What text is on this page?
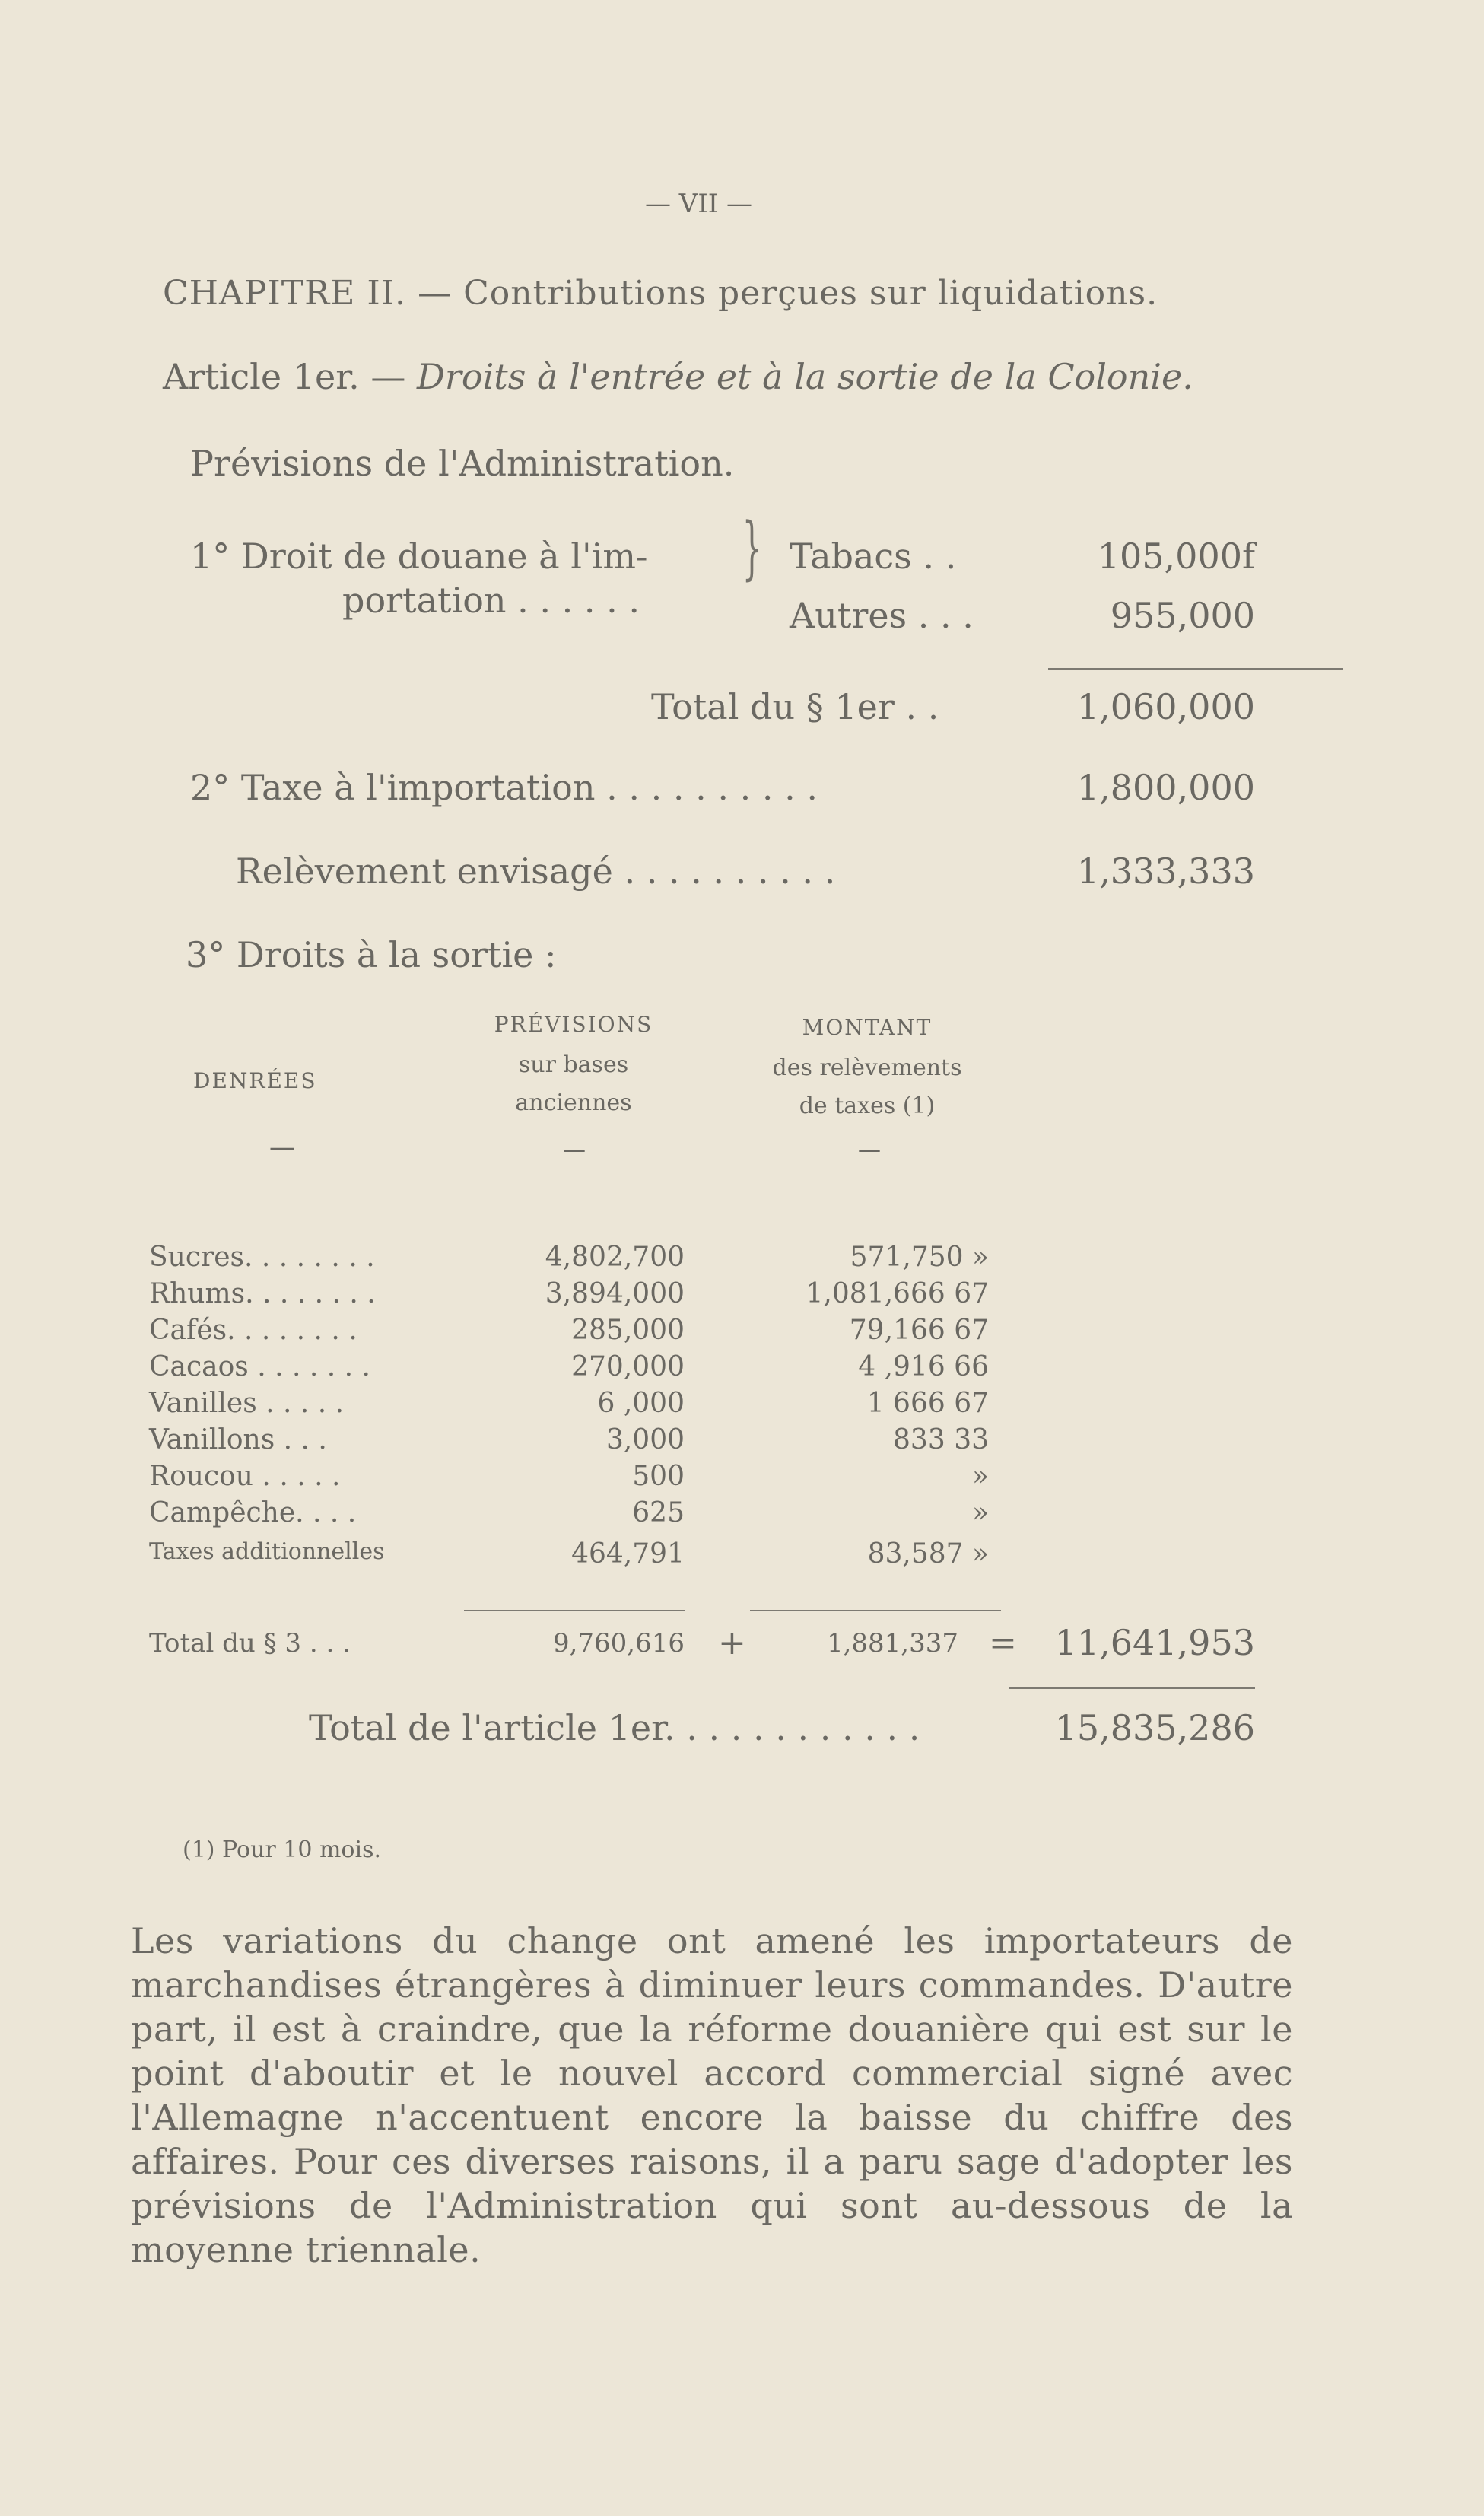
— VII —
CHAPITRE II. — Contributions perçues sur liquidations.
Article 1er. — Droits à l'entrée et à la sortie de la Colonie.
Prévisions de l'Administration.
1° Droit de douane à l'im-
portation . . . . . .
} Tabacs . .	105,000f
Autres . . .	955,000
Total du § 1er . .	1,060,000
2° Taxe à l'importation . . . . . . . . . .	1,800,000
Relèvement envisagé . . . . . . . . . .	1,333,333
3° Droits à la sortie :
DENRÉES
PRÉVISIONS
sur bases
anciennes
MONTANT
des relèvements
de taxes (1)
—	—	—
Sucres. . . . . . . .	4,802,700	571,750 »
Rhums. . . . . . . .	3,894,000	1,081,666 67
Cafés. . . . . . . .	285,000	79,166 67
Cacaos . . . . . . .	270,000	4 ,916 66
Vanilles . . . . .	6 ,000	1 666 67
Vanillons . . .	3,000	833 33
Roucou . . . . .	500	»
Campêche. . . .	625	»
Taxes additionnelles	464,791	83,587 »
Total du § 3 . . .	9,760,616 +	1,881,337 =	11,641,953
Total de l'article 1er. . . . . . . . . . . .	15,835,286
(1) Pour 10 mois.
Les variations du change ont amené les importateurs de marchandises étrangères à diminuer leurs commandes. D'autre part, il est à craindre, que la réforme douanière qui est sur le point d'aboutir et le nouvel accord commercial signé avec l'Allemagne n'accentuent encore la baisse du chiffre des affaires. Pour ces diverses raisons, il a paru sage d'adopter les prévisions de l'Administration qui sont au-dessous de la moyenne triennale.
